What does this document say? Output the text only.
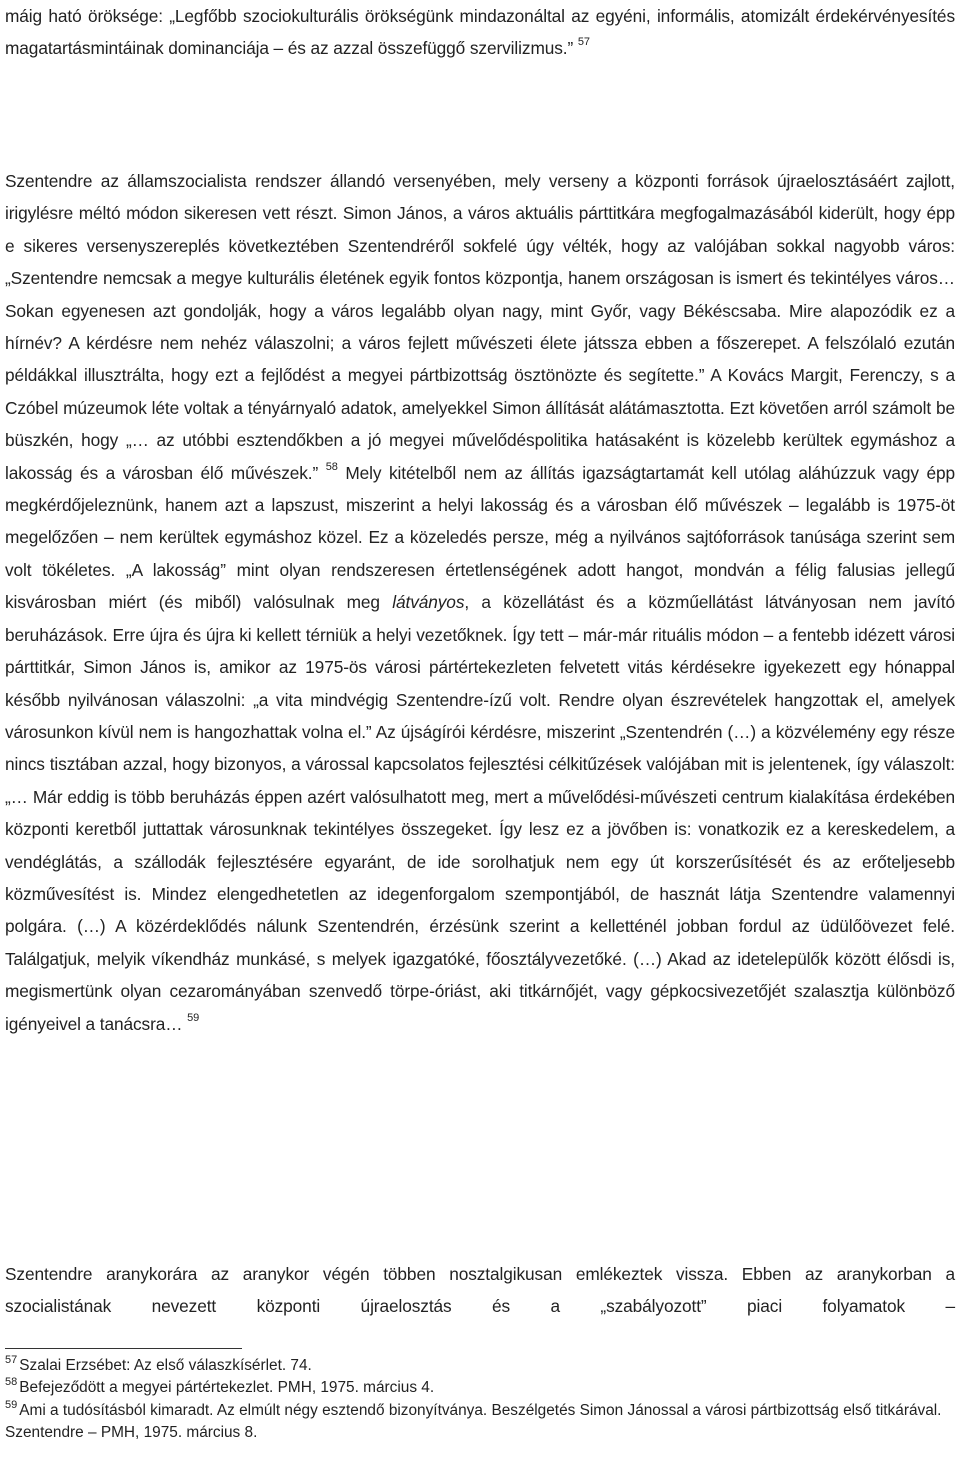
máig ható öröksége: „Legfőbb szociokulturális örökségünk mindazonáltal az egyéni, informális, atomizált érdekérvényesítés magatartásmintáinak dominanciája – és az azzal összefüggő szervilizmus.” $^{57}$

Szentendre az államszocialista rendszer állandó versenyében, mely verseny a központi források újraelosztásáért zajlott, irigylésre méltó módon sikeresen vett részt. Simon János, a város aktuális párttitkára megfogalmazásából kiderült, hogy épp e sikeres versenyszereplés következtében Szentendréről sokfelé úgy vélték, hogy az valójában sokkal nagyobb város: „Szentendre nemcsak a megye kulturális életének egyik fontos központja, hanem országosan is ismert és tekintélyes város… Sokan egyenesen azt gondolják, hogy a város legalább olyan nagy, mint Győr, vagy Békéscsaba. Mire alapozódik ez a hírnév? A kérdésre nem nehéz válaszolni; a város fejlett művészeti élete játssza ebben a főszerepet. A felszólaló ezután példákkal illusztrálta, hogy ezt a fejlődést a megyei pártbizottság ösztönözte és segítette.” A Kovács Margit, Ferenczy, s a Czóbel múzeumok léte voltak a tényárnyaló adatok, amelyekkel Simon állítását alátámasztotta. Ezt követően arról számolt be büszkén, hogy „… az utóbbi esztendőkben a jó megyei művelődéspolitika hatásaként is közelebb kerültek egymáshoz a lakosság és a városban élő művészek.” $^{58}$ Mely kitételből nem az állítás igazságtartamát kell utólag aláhúzzuk vagy épp megkérdőjeleznünk, hanem azt a lapszust, miszerint a helyi lakosság és a városban élő művészek – legalább is 1975-öt megelőzően – nem kerültek egymáshoz közel. Ez a közeledés persze, még a nyilvános sajtóforrások tanúsága szerint sem volt tökéletes. „A lakosság” mint olyan rendszeresen értetlenségének adott hangot, mondván a félig falusias jellegű kisvárosban miért (és miből) valósulnak meg látványos, a közellátást és a közműellátást látványosan nem javító beruházások. Erre újra és újra ki kellett térniük a helyi vezetőknek. Így tett – már-már rituális módon – a fentebb idézett városi párttitkár, Simon János is, amikor az 1975-ös városi pártértekezleten felvetett vitás kérdésekre igyekezett egy hónappal később nyilvánosan válaszolni: „a vita mindvégig Szentendre-ízű volt. Rendre olyan észrevételek hangzottak el, amelyek városunkon kívül nem is hangozhattak volna el.” Az újságírói kérdésre, miszerint „Szentendrén (…) a közvélemény egy része nincs tisztában azzal, hogy bizonyos, a várossal kapcsolatos fejlesztési célkitűzések valójában mit is jelentenek, így válaszolt: „… Már eddig is több beruházás éppen azért valósulhatott meg, mert a művelődési-művészeti centrum kialakítása érdekében központi keretből juttattak városunknak tekintélyes összegeket. Így lesz ez a jövőben is: vonatkozik ez a kereskedelem, a vendéglátás, a szállodák fejlesztésére egyaránt, de ide sorolhatjuk nem egy út korszerűsítését és az erőteljesebb közművesítést is. Mindez elengedhetetlen az idegenforgalom szempontjából, de hasznát látja Szentendre valamennyi polgára. (…) A közérdeklődés nálunk Szentendrén, érzésünk szerint a kelletténél jobban fordul az üdülőövezet felé. Találgatjuk, melyik víkendház munkásé, s melyek igazgatóké, főosztályvezetőké. (…) Akad az idetelepülők között élősdi is, megismertünk olyan cezarományában szenvedő törpe-óriást, aki titkárnőjét, vagy gépkocsivezetőjét szalasztja különböző igényeivel a tanácsra… $^{59}$

Szentendre aranykorára az aranykor végén többen nosztalgikusan emlékeztek vissza. Ebben az aranykorban a szocialistának nevezett központi újraelosztás és a „szabályozott” piaci folyamatok –

$^{57}$ Szalai Erzsébet: Az első válaszkísérlet. 74.

$^{58}$ Befejeződött a megyei pártértekezlet. PMH, 1975. március 4.

$^{59}$ Ami a tudósításból kimaradt. Az elmúlt négy esztendő bizonyítványa. Beszélgetés Simon Jánossal a városi pártbizottság első titkárával. Szentendre – PMH, 1975. március 8.
